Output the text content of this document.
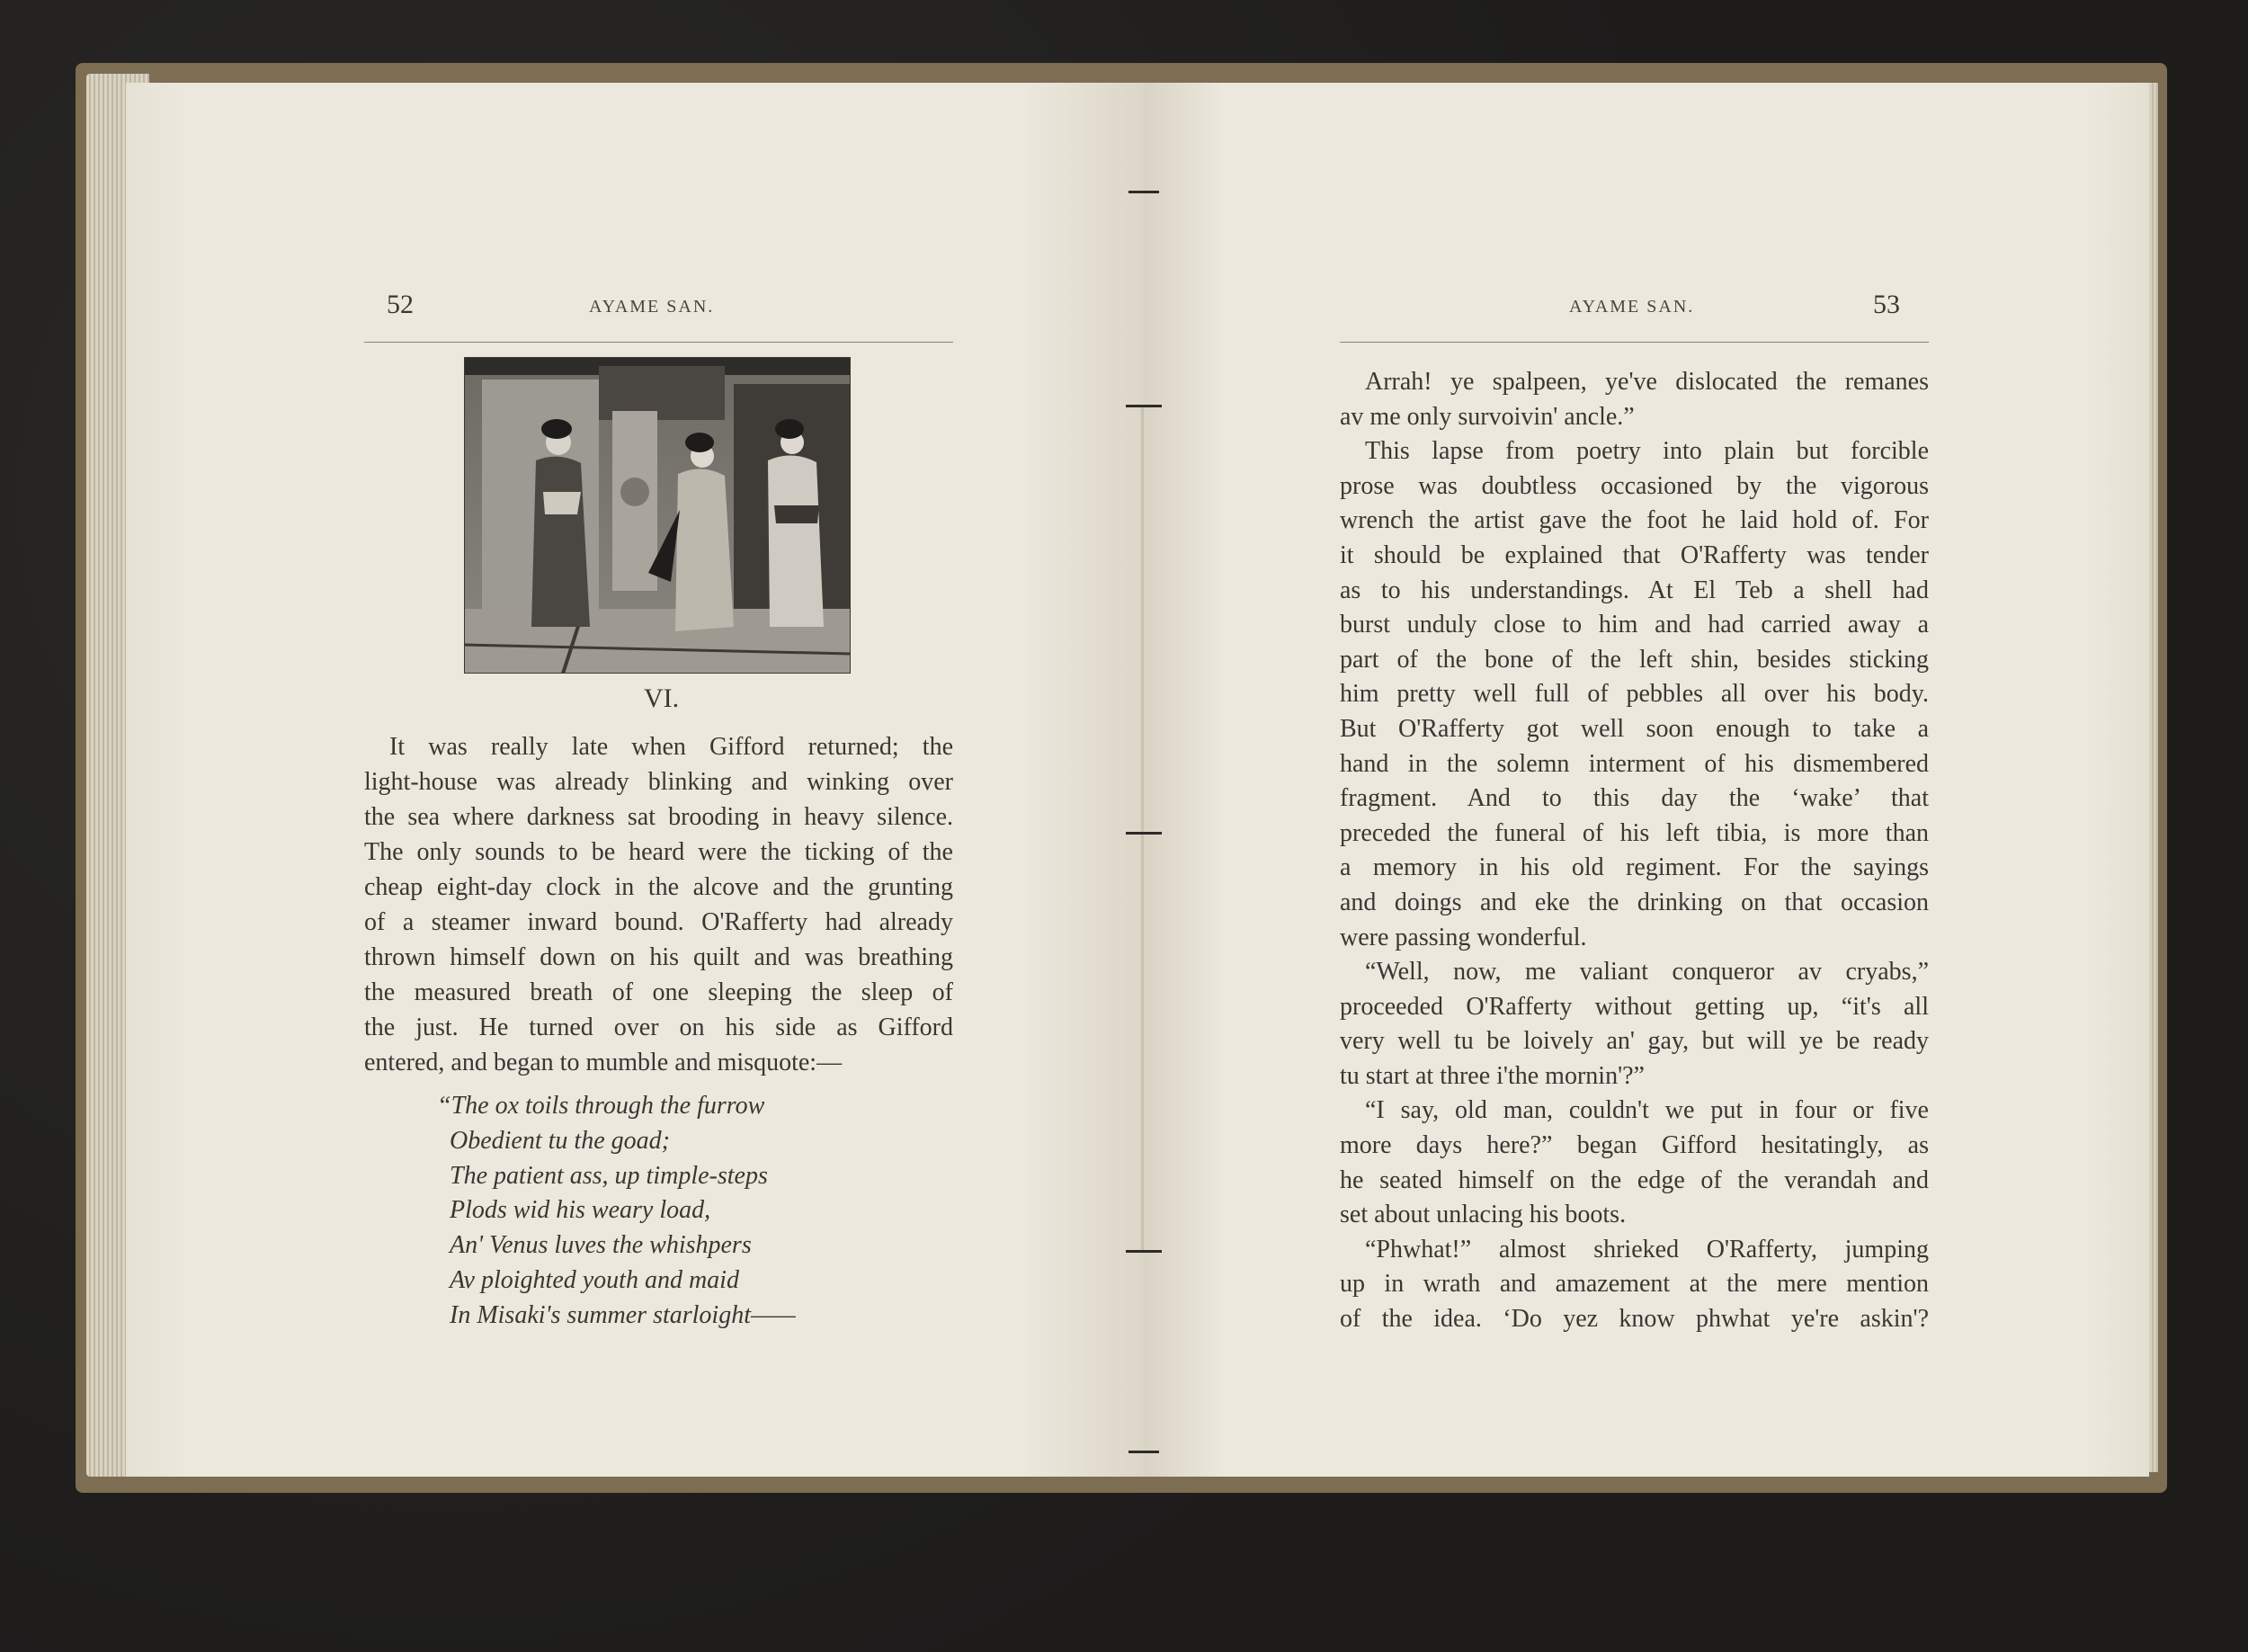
52	AYAME SAN.
VI.
It was really late when Gifford returned; the
light-house was already blinking and winking over
the sea where darkness sat brooding in heavy silence.
The only sounds to be heard were the ticking of the
cheap eight-day clock in the alcove and the grunting
of a steamer inward bound. O'Rafferty had already
thrown himself down on his quilt and was breathing
the measured breath of one sleeping the sleep of
the just. He turned over on his side as Gifford
entered, and began to mumble and misquote:—
“The ox toils through the furrow
Obedient tu the goad;
The patient ass, up timple-steps
Plods wid his weary load,
An' Venus luves the whishpers
Av ploighted youth and maid
In Misaki's summer starloight——
AYAME SAN.	53
Arrah! ye spalpeen, ye've dislocated the remanes
av me only survoivin' ancle.”
This lapse from poetry into plain but forcible
prose was doubtless occasioned by the vigorous
wrench the artist gave the foot he laid hold of. For
it should be explained that O'Rafferty was tender
as to his understandings. At El Teb a shell had
burst unduly close to him and had carried away a
part of the bone of the left shin, besides sticking
him pretty well full of pebbles all over his body.
But O'Rafferty got well soon enough to take a
hand in the solemn interment of his dismembered
fragment. And to this day the ‘wake’ that
preceded the funeral of his left tibia, is more than
a memory in his old regiment. For the sayings
and doings and eke the drinking on that occasion
were passing wonderful.
“Well, now, me valiant conqueror av cryabs,”
proceeded O'Rafferty without getting up, “it's all
very well tu be loively an' gay, but will ye be ready
tu start at three i'the mornin'?”
“I say, old man, couldn't we put in four or five
more days here?” began Gifford hesitatingly, as
he seated himself on the edge of the verandah and
set about unlacing his boots.
“Phwhat!” almost shrieked O'Rafferty, jumping
up in wrath and amazement at the mere mention
of the idea. ‘Do yez know phwhat ye're askin'?
